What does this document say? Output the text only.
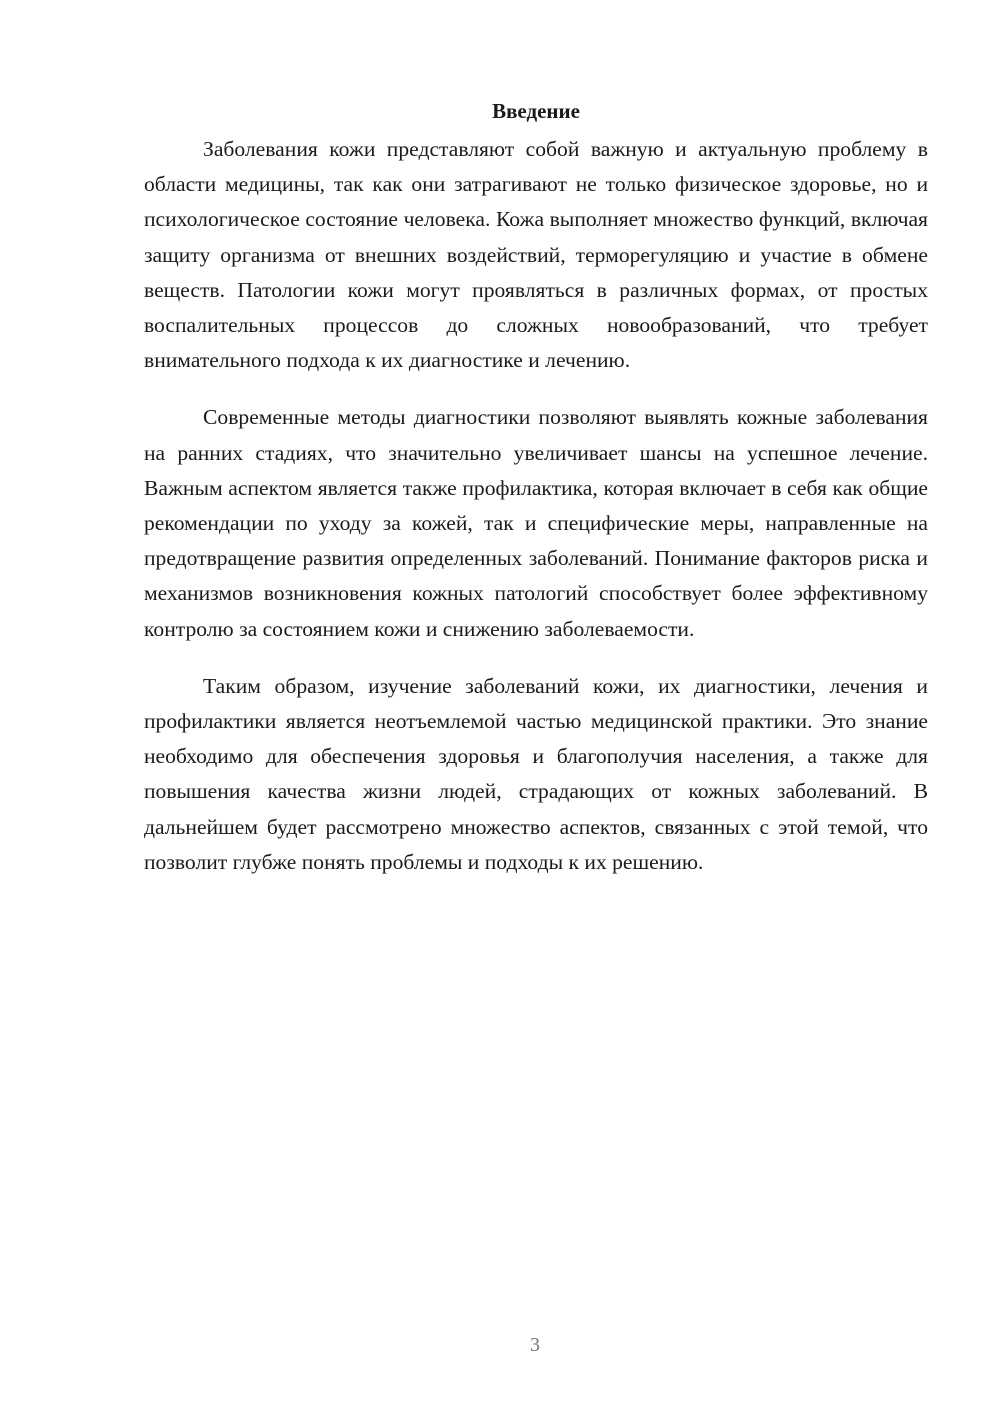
Введение

Заболевания кожи представляют собой важную и актуальную проблему в области медицины, так как они затрагивают не только физическое здоровье, но и психологическое состояние человека. Кожа выполняет множество функций, включая защиту организма от внешних воздействий, терморегуляцию и участие в обмене веществ. Патологии кожи могут проявляться в различных формах, от простых воспалительных процессов до сложных новообразований, что требует внимательного подхода к их диагностике и лечению.

Современные методы диагностики позволяют выявлять кожные заболевания на ранних стадиях, что значительно увеличивает шансы на успешное лечение. Важным аспектом является также профилактика, которая включает в себя как общие рекомендации по уходу за кожей, так и специфические меры, направленные на предотвращение развития определенных заболеваний. Понимание факторов риска и механизмов возникновения кожных патологий способствует более эффективному контролю за состоянием кожи и снижению заболеваемости.

Таким образом, изучение заболеваний кожи, их диагностики, лечения и профилактики является неотъемлемой частью медицинской практики. Это знание необходимо для обеспечения здоровья и благополучия населения, а также для повышения качества жизни людей, страдающих от кожных заболеваний. В дальнейшем будет рассмотрено множество аспектов, связанных с этой темой, что позволит глубже понять проблемы и подходы к их решению.

3
